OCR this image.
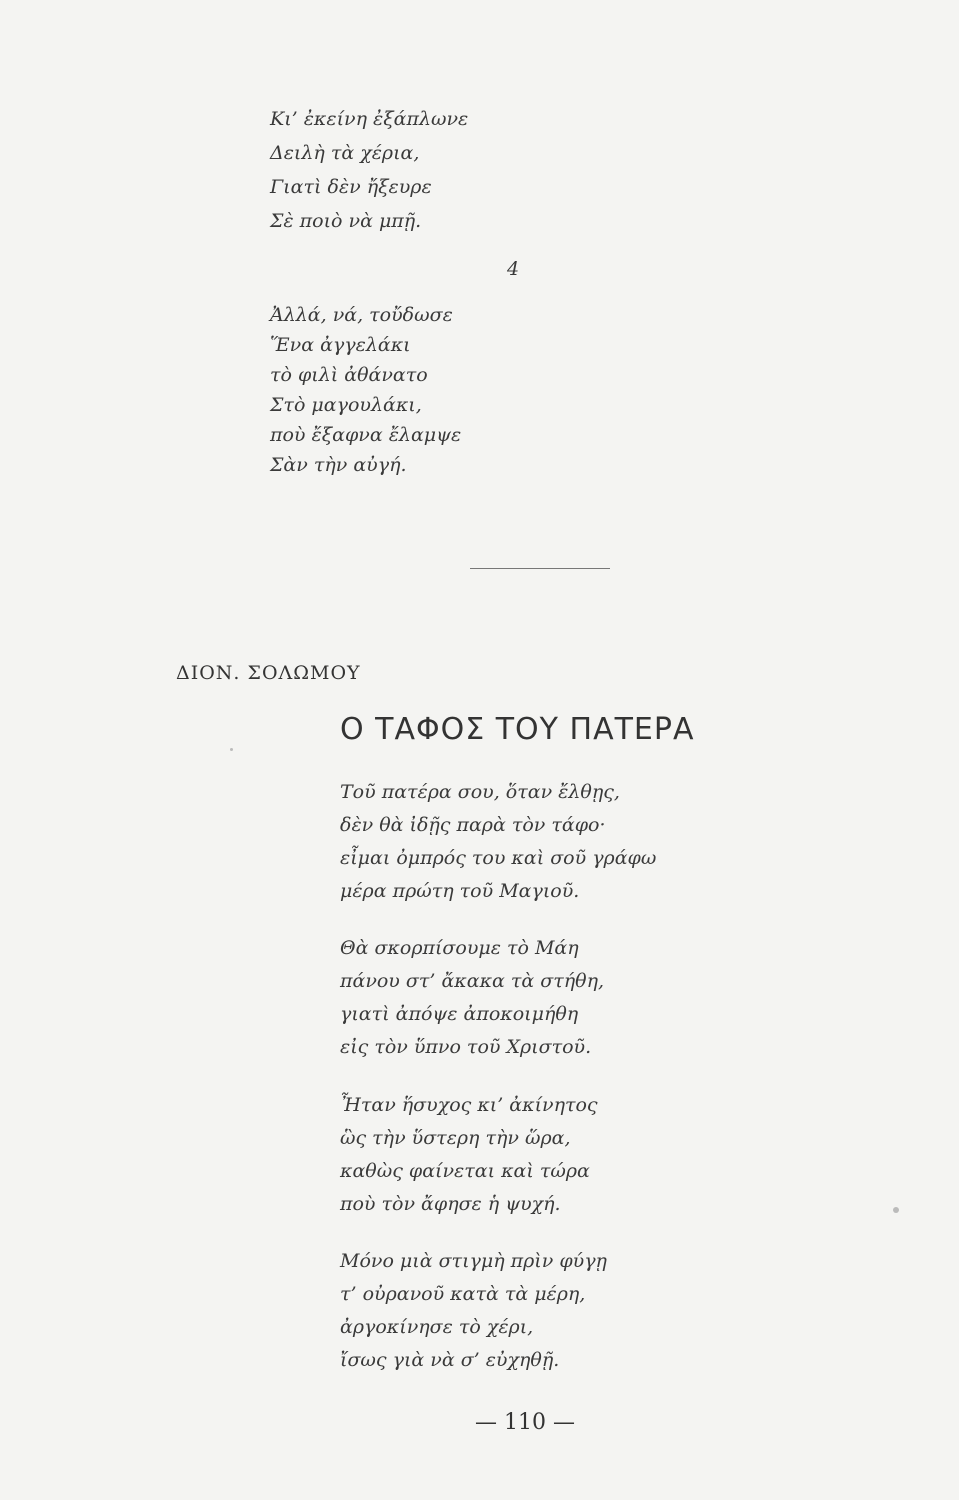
Κι’ ἐκείνη ἐξάπλωνε
Δειλὴ τὰ χέρια,
Γιατὶ δὲν ἤξευρε
Σὲ ποιὸ νὰ μπῇ.
4
Ἀλλά, νά, τοὔδωσε
Ἕνα ἀγγελάκι
τὸ φιλὶ ἀθάνατο
Στὸ μαγουλάκι,
ποὺ ἔξαφνα ἔλαμψε
Σὰν τὴν αὐγή.
ΔΙΟΝ. ΣΟΛΩΜΟΥ
Ο ΤΑΦΟΣ ΤΟΥ ΠΑΤΕΡΑ
Τοῦ πατέρα σου, ὅταν ἔλθῃς,
δὲν θὰ ἰδῇς παρὰ τὸν τάφο·
εἶμαι ὀμπρός του καὶ σοῦ γράφω
μέρα πρώτη τοῦ Μαγιοῦ.
Θὰ σκορπίσουμε τὸ Μάη
πάνου στ’ ἄκακα τὰ στήθη,
γιατὶ ἀπόψε ἀποκοιμήθη
εἰς τὸν ὕπνο τοῦ Χριστοῦ.
Ἦταν ἥσυχος κι’ ἀκίνητος
ὣς τὴν ὕστερη τὴν ὥρα,
καθὼς φαίνεται καὶ τώρα
ποὺ τὸν ἄφησε ἡ ψυχή.
Μόνο μιὰ στιγμὴ πρὶν φύγῃ
τ’ οὐρανοῦ κατὰ τὰ μέρη,
ἀργοκίνησε τὸ χέρι,
ἴσως γιὰ νὰ σ’ εὐχηθῇ.
— 110 —
